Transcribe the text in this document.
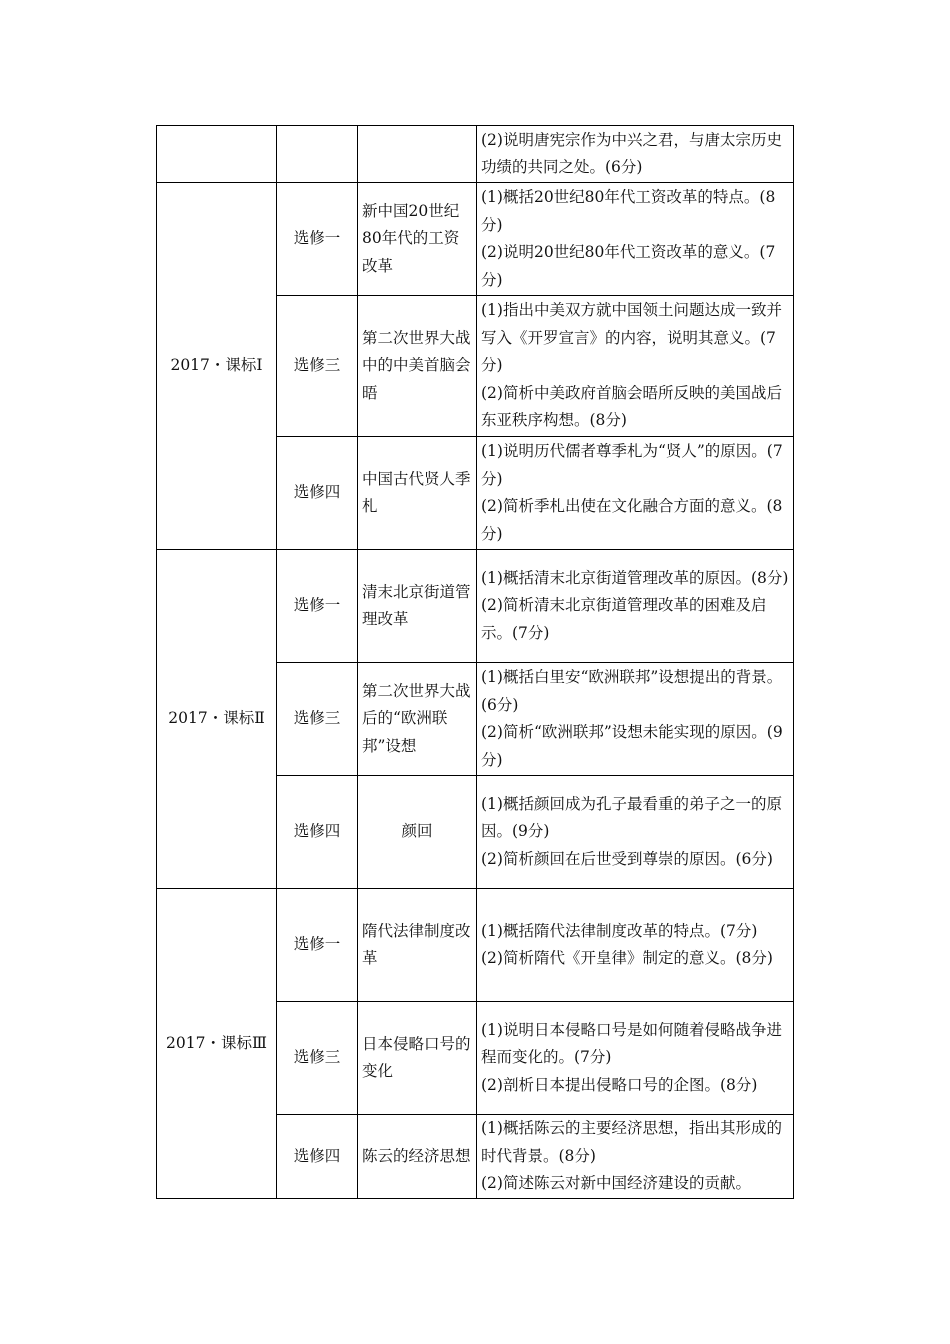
			(2)说明唐宪宗作为中兴之君，与唐太宗历史功绩的共同之处。(6分)

2017・课标Ⅰ	选修一	新中国20世纪80年代的工资改革	(1)概括20世纪80年代工资改革的特点。(8分)
(2)说明20世纪80年代工资改革的意义。(7分)

	选修三	第二次世界大战中的中美首脑会晤	(1)指出中美双方就中国领土问题达成一致并写入《开罗宣言》的内容，说明其意义。(7分)
(2)简析中美政府首脑会晤所反映的美国战后东亚秩序构想。(8分)

	选修四	中国古代贤人季札	(1)说明历代儒者尊季札为“贤人”的原因。(7分)
(2)简析季札出使在文化融合方面的意义。(8分)

2017・课标Ⅱ	选修一	清末北京街道管理改革	(1)概括清末北京街道管理改革的原因。(8分)
(2)简析清末北京街道管理改革的困难及启示。(7分)

	选修三	第二次世界大战后的“欧洲联邦”设想	(1)概括白里安“欧洲联邦”设想提出的背景。(6分)
(2)简析“欧洲联邦”设想未能实现的原因。(9分)

	选修四	颜回	(1)概括颜回成为孔子最看重的弟子之一的原因。(9分)
(2)简析颜回在后世受到尊崇的原因。(6分)

2017・课标Ⅲ	选修一	隋代法律制度改革	(1)概括隋代法律制度改革的特点。(7分)
(2)简析隋代《开皇律》制定的意义。(8分)

	选修三	日本侵略口号的变化	(1)说明日本侵略口号是如何随着侵略战争进程而变化的。(7分)
(2)剖析日本提出侵略口号的企图。(8分)

	选修四	陈云的经济思想	(1)概括陈云的主要经济思想，指出其形成的时代背景。(8分)
(2)简述陈云对新中国经济建设的贡献。
